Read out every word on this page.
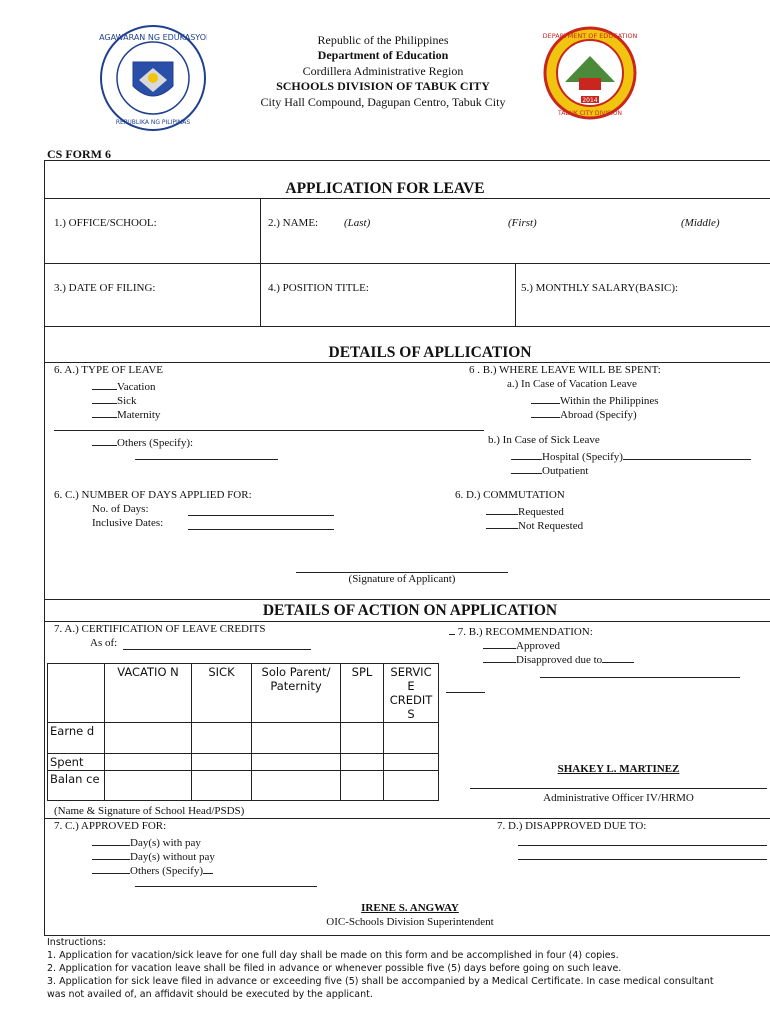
KAGAWARAN NG EDUKASYON
REPUBLIKA NG PILIPINAS
2014
DEPARTMENT OF EDUCATION
TABUK CITY DIVISION
Republic of the Philippines
Department of Education
Cordillera Administrative Region
SCHOOLS DIVISION OF TABUK CITY
City Hall Compound, Dagupan Centro, Tabuk City
CS FORM 6
APPLICATION FOR LEAVE
1.) OFFICE/SCHOOL:	2.) NAME: (Last)	(First)	(Middle)
3.) DATE OF FILING:	4.) POSITION TITLE:	5.) MONTHLY SALARY(BASIC):
DETAILS OF APLLICATION
6. A.) TYPE OF LEAVE
Vacation
Sick
Maternity
Others (Specify):
6 . B.) WHERE LEAVE WILL BE SPENT:
a.) In Case of Vacation Leave
Within the Philippines
Abroad (Specify)
b.) In Case of Sick Leave
Hospital (Specify)
Outpatient
6. C.) NUMBER OF DAYS APPLIED FOR:
No. of Days:
Inclusive Dates:
6. D.) COMMUTATION
Requested
Not Requested
(Signature of Applicant)
DETAILS OF ACTION ON APPLICATION
7. A.) CERTIFICATION OF LEAVE CREDITS
As of:
	VACATIO N	SICK	Solo Parent/ Paternity	SPL	SERVIC E CREDIT S
Earne d					
Spent					
Balan ce					
7. B.) RECOMMENDATION:
Approved
Disapproved due to
SHAKEY L. MARTINEZ
Administrative Officer IV/HRMO
(Name & Signature of School Head/PSDS)
7. C.) APPROVED FOR:
Day(s) with pay
Day(s) without pay
Others (Specify)
7. D.) DISAPPROVED DUE TO:
IRENE S. ANGWAY
OIC-Schools Division Superintendent
Instructions:
1. Application for vacation/sick leave for one full day shall be made on this form and be accomplished in four (4) copies.
2. Application for vacation leave shall be filed in advance or whenever possible five (5) days before going on such leave.
3. Application for sick leave filed in advance or exceeding five (5) shall be accompanied by a Medical Certificate. In case medical consultant
was not availed of, an affidavit should be executed by the applicant.
